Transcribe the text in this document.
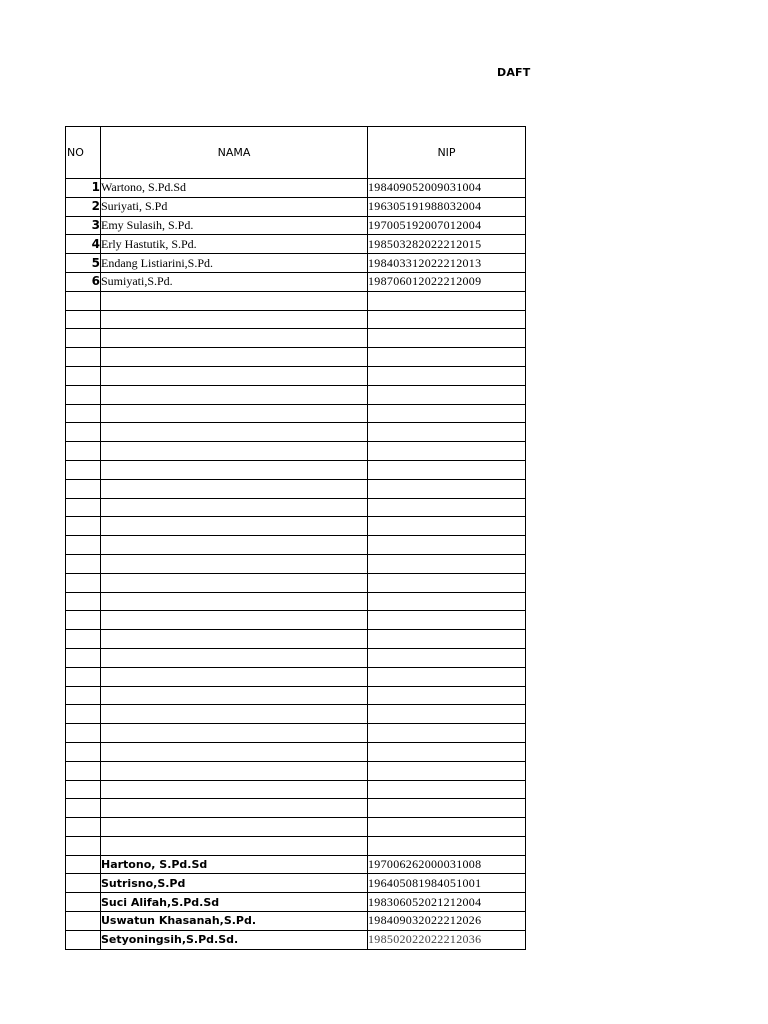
DAFT
NO	NAMA	NIP
1	Wartono, S.Pd.Sd	198409052009031004
2	Suriyati, S.Pd	196305191988032004
3	Emy Sulasih, S.Pd.	197005192007012004
4	Erly Hastutik, S.Pd.	198503282022212015
5	Endang Listiarini,S.Pd.	198403312022212013
6	Sumiyati,S.Pd.	198706012022212009

	Hartono, S.Pd.Sd	197006262000031008
	Sutrisno,S.Pd	196405081984051001
	Suci Alifah,S.Pd.Sd	198306052021212004
	Uswatun Khasanah,S.Pd.	198409032022212026
	Setyoningsih,S.Pd.Sd.	198502022022212036
